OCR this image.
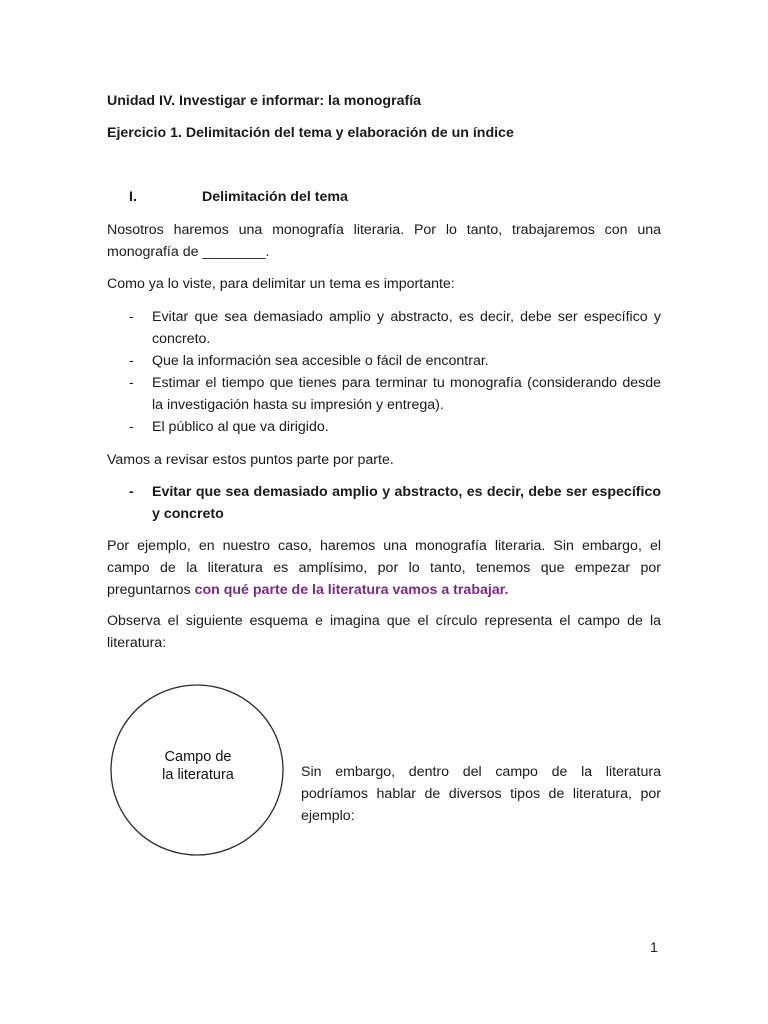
Unidad IV. Investigar e informar: la monografía
Ejercicio 1. Delimitación del tema y elaboración de un índice
I.	Delimitación del tema
Nosotros haremos una monografía literaria. Por lo tanto, trabajaremos con una monografía de ________.
Como ya lo viste, para delimitar un tema es importante:
- Evitar que sea demasiado amplio y abstracto, es decir, debe ser específico y concreto.
- Que la información sea accesible o fácil de encontrar.
- Estimar el tiempo que tienes para terminar tu monografía (considerando desde la investigación hasta su impresión y entrega).
- El público al que va dirigido.
Vamos a revisar estos puntos parte por parte.
- Evitar que sea demasiado amplio y abstracto, es decir, debe ser específico y concreto
Por ejemplo, en nuestro caso, haremos una monografía literaria. Sin embargo, el campo de la literatura es amplísimo, por lo tanto, tenemos que empezar por preguntarnos con qué parte de la literatura vamos a trabajar.
Observa el siguiente esquema e imagina que el círculo representa el campo de la literatura:
Campo de
la literatura	Sin embargo, dentro del campo de la literatura podríamos hablar de diversos tipos de literatura, por ejemplo:
1
